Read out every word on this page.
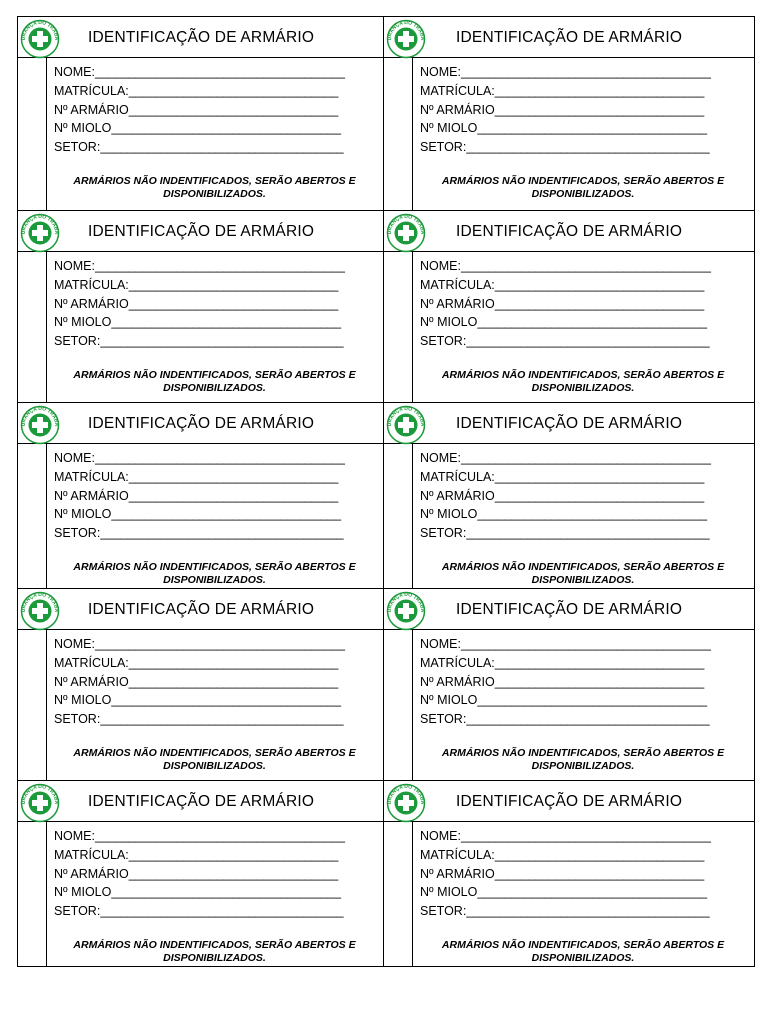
URANÇA DO TRABA IDENTIFICAÇÃO DE ARMÁRIO
NOME:_____________________________________
MATRÍCULA:_______________________________
Nº ARMÁRIO_______________________________
Nº MIOLO__________________________________
SETOR:____________________________________
ARMÁRIOS NÃO INDENTIFICADOS, SERÃO ABERTOS E
DISPONIBILIZADOS.
URANÇA DO TRABA IDENTIFICAÇÃO DE ARMÁRIO
NOME:_____________________________________
MATRÍCULA:_______________________________
Nº ARMÁRIO_______________________________
Nº MIOLO__________________________________
SETOR:____________________________________
ARMÁRIOS NÃO INDENTIFICADOS, SERÃO ABERTOS E
DISPONIBILIZADOS.
URANÇA DO TRABA IDENTIFICAÇÃO DE ARMÁRIO
NOME:_____________________________________
MATRÍCULA:_______________________________
Nº ARMÁRIO_______________________________
Nº MIOLO__________________________________
SETOR:____________________________________
ARMÁRIOS NÃO INDENTIFICADOS, SERÃO ABERTOS E
DISPONIBILIZADOS.
URANÇA DO TRABA IDENTIFICAÇÃO DE ARMÁRIO
NOME:_____________________________________
MATRÍCULA:_______________________________
Nº ARMÁRIO_______________________________
Nº MIOLO__________________________________
SETOR:____________________________________
ARMÁRIOS NÃO INDENTIFICADOS, SERÃO ABERTOS E
DISPONIBILIZADOS.
URANÇA DO TRABA IDENTIFICAÇÃO DE ARMÁRIO
NOME:_____________________________________
MATRÍCULA:_______________________________
Nº ARMÁRIO_______________________________
Nº MIOLO__________________________________
SETOR:____________________________________
ARMÁRIOS NÃO INDENTIFICADOS, SERÃO ABERTOS E
DISPONIBILIZADOS.
URANÇA DO TRABA IDENTIFICAÇÃO DE ARMÁRIO
NOME:_____________________________________
MATRÍCULA:_______________________________
Nº ARMÁRIO_______________________________
Nº MIOLO__________________________________
SETOR:____________________________________
ARMÁRIOS NÃO INDENTIFICADOS, SERÃO ABERTOS E
DISPONIBILIZADOS.
URANÇA DO TRABA IDENTIFICAÇÃO DE ARMÁRIO
NOME:_____________________________________
MATRÍCULA:_______________________________
Nº ARMÁRIO_______________________________
Nº MIOLO__________________________________
SETOR:____________________________________
ARMÁRIOS NÃO INDENTIFICADOS, SERÃO ABERTOS E
DISPONIBILIZADOS.
URANÇA DO TRABA IDENTIFICAÇÃO DE ARMÁRIO
NOME:_____________________________________
MATRÍCULA:_______________________________
Nº ARMÁRIO_______________________________
Nº MIOLO__________________________________
SETOR:____________________________________
ARMÁRIOS NÃO INDENTIFICADOS, SERÃO ABERTOS E
DISPONIBILIZADOS.
URANÇA DO TRABA IDENTIFICAÇÃO DE ARMÁRIO
NOME:_____________________________________
MATRÍCULA:_______________________________
Nº ARMÁRIO_______________________________
Nº MIOLO__________________________________
SETOR:____________________________________
ARMÁRIOS NÃO INDENTIFICADOS, SERÃO ABERTOS E
DISPONIBILIZADOS.
URANÇA DO TRABA IDENTIFICAÇÃO DE ARMÁRIO
NOME:_____________________________________
MATRÍCULA:_______________________________
Nº ARMÁRIO_______________________________
Nº MIOLO__________________________________
SETOR:____________________________________
ARMÁRIOS NÃO INDENTIFICADOS, SERÃO ABERTOS E
DISPONIBILIZADOS.
